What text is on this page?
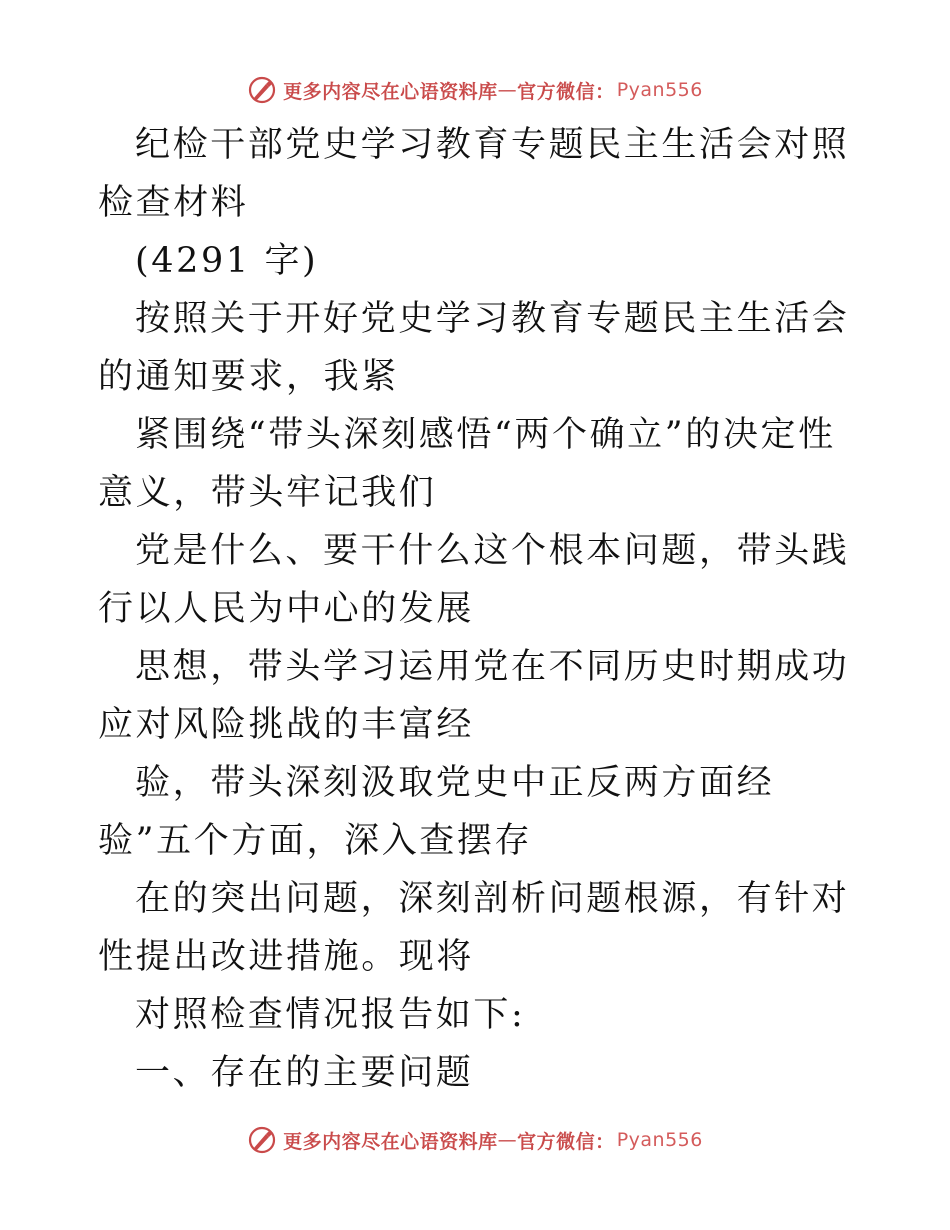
更多内容尽在心语资料库 — 官方微信： Pyan556

纪检干部党史学习教育专题民主生活会对照检查材料

(4291 字)

按照关于开好党史学习教育专题民主生活会的通知要求，我紧

紧围绕“带头深刻感悟“两个确立”的决定性意义，带头牢记我们

党是什么、要干什么这个根本问题，带头践行以人民为中心的发展

思想，带头学习运用党在不同历史时期成功应对风险挑战的丰富经

验，带头深刻汲取党史中正反两方面经验”五个方面，深入查摆存

在的突出问题，深刻剖析问题根源，有针对性提出改进措施。现将

对照检查情况报告如下:

一、存在的主要问题

更多内容尽在心语资料库 — 官方微信： Pyan556
